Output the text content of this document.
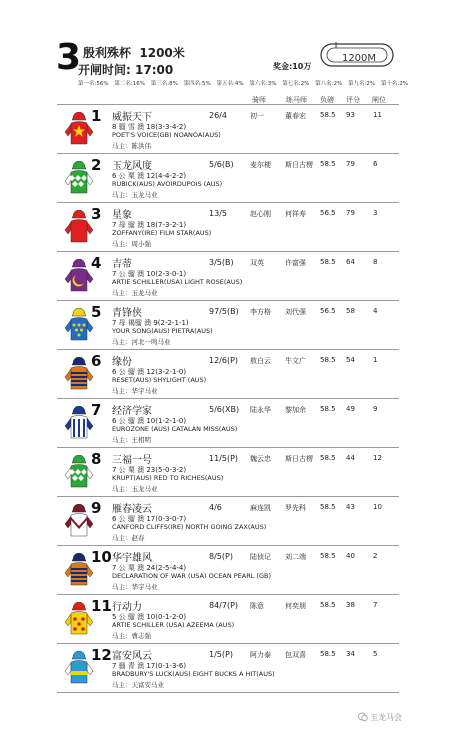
3 殷利殊杯 1200米
开闸时间: 17:00	奖金:10万
1200M
第一名:56% 第二名:16% 第三名:8% 第四名:5% 第五名:4% 第六名:3% 第七名:2% 第八名:2% 第九名:2% 第十名:2%
骑师	练马师 负磅 评分 闸位
1 威振天下	26/4	初一	董春宏 58.5 93	11
8 骝 雪 澳 18(3-3-4-2)
POET'S VOICE(GB) NOANOA(AUS)
马主：陈洪伟
2 玉龙风度	5/6(B) 麦尔梗 斯日古楞 58.5 79	6
6 公 栗 澳 12(4-4-2-2)
RUBICK(AUS) AVOIRDUPOIS (AUS)
马主：玉龙马业
3 星象	13/5	赵心刚 何祥寿 56.5 79	3
7 母 骝 澳 18(7-3-2-1)
ZOFFANY(IRE) FILM STAR(AUS)
马主：周小强
4 吉蒂	3/5(B) 双英	许富强 58.5 64	8
7 公 骝 澳 10(2-3-0-1)
ARTIE SCHILLER(USA) LIGHT ROSE(AUS)
马主：玉龙马业
5 青锋侠	97/5(B) 李方格 刘代强 56.5 58	4
7 母 褐骝 澳 9(2-2-1-1)
YOUR SONG(AUS) PIETRA(AUS)
马主：河北一鸣马业
6 缘份	12/6(P) 敖白云 牛文广 58.5 54	1
6 公 骝 澳 12(3-2-1-0)
RESET(AUS) SHYLIGHT (AUS)
马主：华宇马业
7 经济学家	5/6(XB) 陆永华 黎加余 58.5 49	9
6 公 骝 澳 10(1-2-1-0)
EUROZONE (AUS) CATALAN MISS(AUS)
马主：王相明
8 三福一号	11/5(P) 魏云忠 斯日古楞 58.5 44	12
7 公 栗 澳 23(5-0-3-2)
KRUPT(AUS) RED TO RICHES(AUS)
马主：玉龙马业
9 雁春凌云	4/6	麻连凯 罗先科 58.5 43	10
6 公 骝 澳 17(0-3-0-7)
CANFORD CLIFFS(IRE) NORTH GOING ZAX(AUS)
马主：赵春
10 华宇雄风	8/5(P) 陆侦记 刘二端 58.5 40	2
7 公 栗 澳 24(2-5-4-4)
DECLARATION OF WAR (USA) OCEAN PEARL (GB)
马主：华宇马业
11 行动力	84/7(P) 陈意	何奕朋 58.5 38	7
5 公 骝 澳 10(0-1-2-0)
ARTIE SCHILLER (USA) AZEEMA (AUS)
马主：曹志强
12 富安风云	1/5(P) 阿力泰 包双喜 58.5 34	5
7 骝 青 澳 17(0-1-3-6)
BRADBURY'S LUCK(AUS) EIGHT BUCKS A HIT(AUS)
马主：天富安马业
玉龙马会
